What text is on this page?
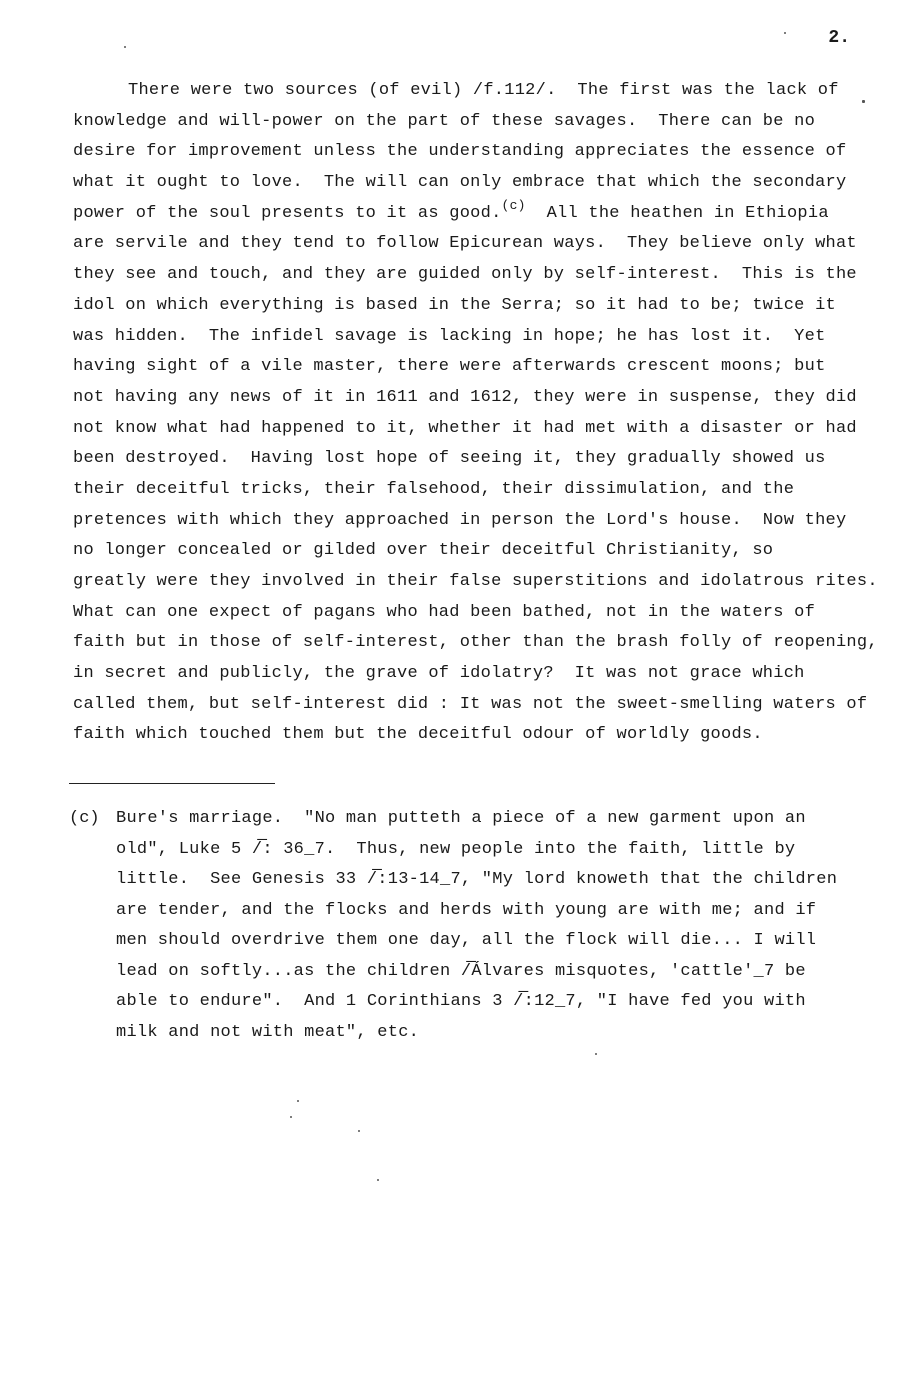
2.
There were two sources (of evil) /f.112/.  The first was the lack of
knowledge and will-power on the part of these savages.  There can be no
desire for improvement unless the understanding appreciates the essence of
what it ought to love.  The will can only embrace that which the secondary
power of the soul presents to it as good.$^{(c)}$  All the heathen in Ethiopia
are servile and they tend to follow Epicurean ways.  They believe only what
they see and touch, and they are guided only by self-interest.  This is the
idol on which everything is based in the Serra; so it had to be; twice it
was hidden.  The infidel savage is lacking in hope; he has lost it.  Yet
having sight of a vile master, there were afterwards crescent moons; but
not having any news of it in 1611 and 1612, they were in suspense, they did
not know what had happened to it, whether it had met with a disaster or had
been destroyed.  Having lost hope of seeing it, they gradually showed us
their deceitful tricks, their falsehood, their dissimulation, and the
pretences with which they approached in person the Lord's house.  Now they
no longer concealed or gilded over their deceitful Christianity, so
greatly were they involved in their false superstitions and idolatrous rites.
What can one expect of pagans who had been bathed, not in the waters of
faith but in those of self-interest, other than the brash folly of reopening,
in secret and publicly, the grave of idolatry?  It was not grace which
called them, but self-interest did : It was not the sweet-smelling waters of
faith which touched them but the deceitful odour of worldly goods.
(c) Bure's marriage.  "No man putteth a piece of a new garment upon an
old", Luke 5 /̅: 36_7.  Thus, new people into the faith, little by
little.  See Genesis 33 /̅:13-14_7, "My lord knoweth that the children
are tender, and the flocks and herds with young are with me; and if
men should overdrive them one day, all the flock will die... I will
lead on softly...as the children /̅Álvares misquotes, 'cattle'_7 be
able to endure".  And 1 Corinthians 3 /̅:12_7, "I have fed you with
milk and not with meat", etc.
